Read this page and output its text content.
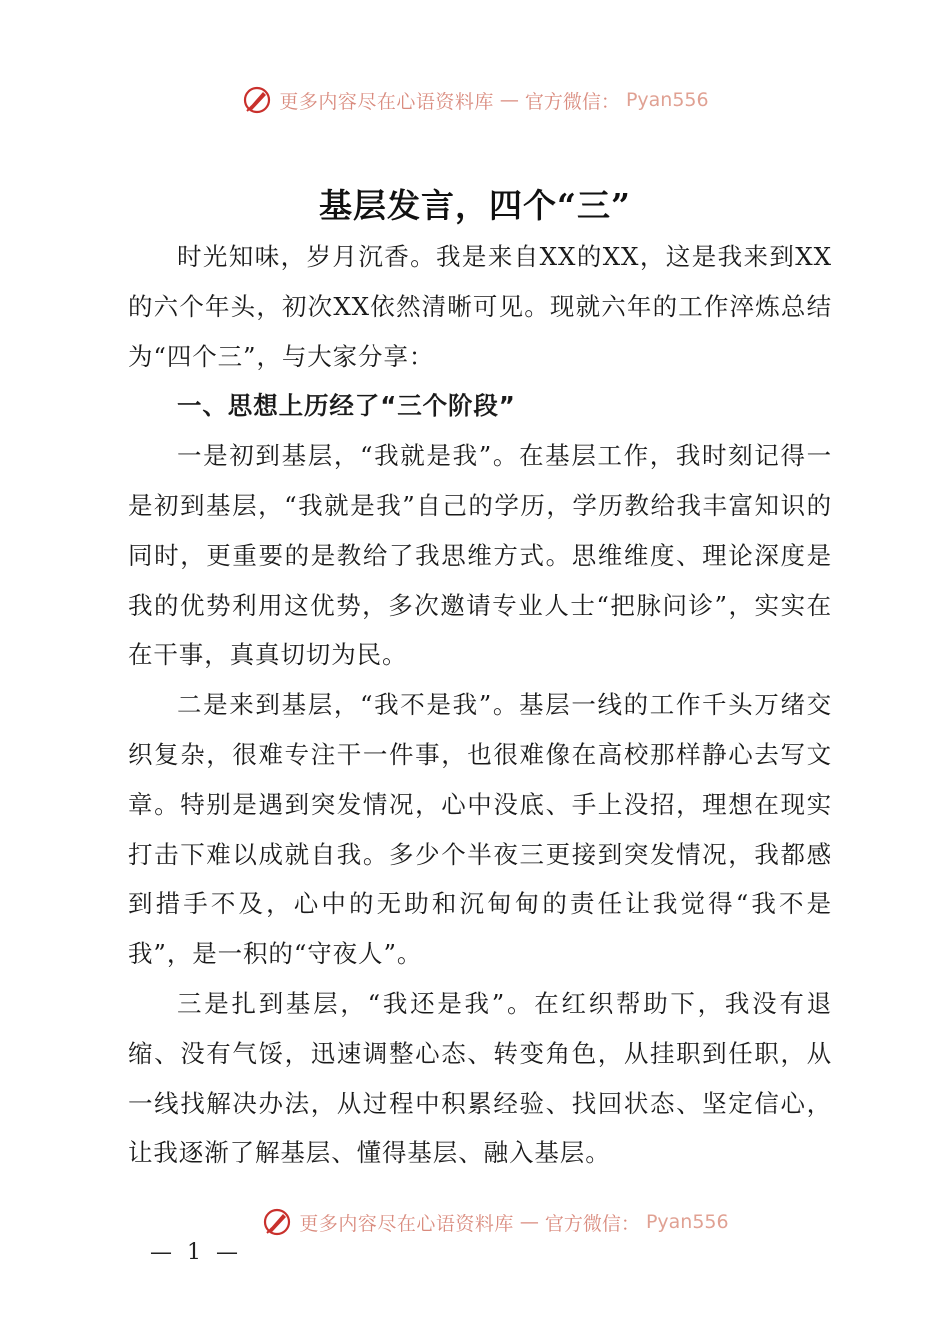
更多内容尽在心语资料库 — 官方微信： Pyan556
基层发言，四个“三”

时光知味，岁月沉香。我是来自XX的XX，这是我来到XX的六个年头，初次XX依然清晰可见。现就六年的工作淬炼总结为“四个三”，与大家分享：

一、思想上历经了“三个阶段”

一是初到基层，“我就是我”。在基层工作，我时刻记得一是初到基层，“我就是我”自己的学历，学历教给我丰富知识的同时，更重要的是教给了我思维方式。思维维度、理论深度是我的优势利用这优势，多次邀请专业人士“把脉问诊”，实实在在干事，真真切切为民。

二是来到基层，“我不是我”。基层一线的工作千头万绪交织复杂，很难专注干一件事，也很难像在高校那样静心去写文章。特别是遇到突发情况，心中没底、手上没招，理想在现实打击下难以成就自我。多少个半夜三更接到突发情况，我都感到措手不及，心中的无助和沉甸甸的责任让我觉得“我不是我”，是一积的“守夜人”。

三是扎到基层，“我还是我”。在红织帮助下，我没有退缩、没有气馁，迅速调整心态、转变角色，从挂职到任职，从一线找解决办法，从过程中积累经验、找回状态、坚定信心，让我逐渐了解基层、懂得基层、融入基层。

更多内容尽在心语资料库 — 官方微信： Pyan556
— 1 —
